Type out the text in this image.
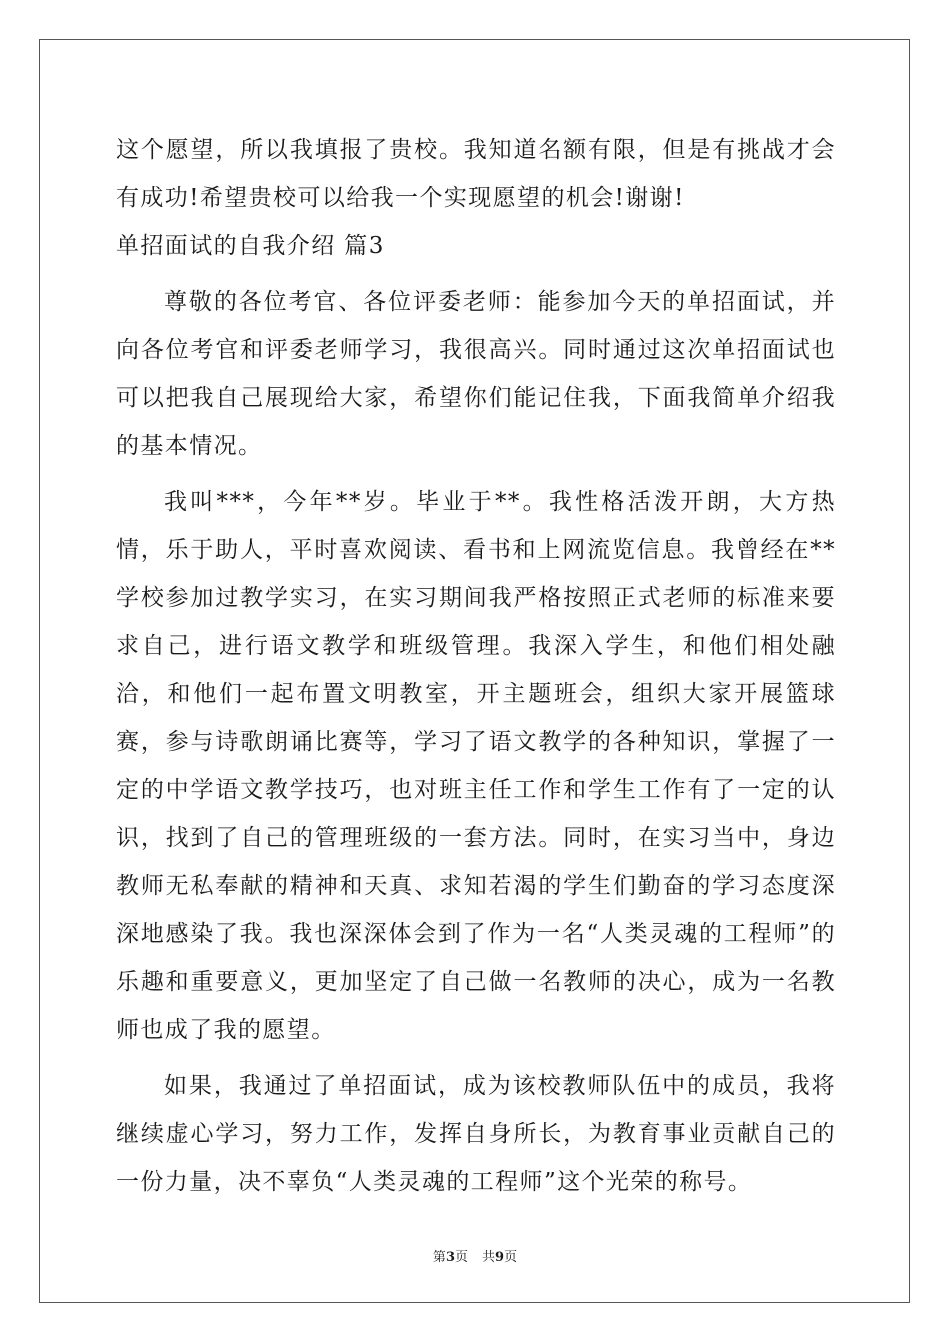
这个愿望，所以我填报了贵校。我知道名额有限，但是有挑战才会有成功!希望贵校可以给我一个实现愿望的机会!谢谢!

单招面试的自我介绍 篇3

尊敬的各位考官、各位评委老师：能参加今天的单招面试，并向各位考官和评委老师学习，我很高兴。同时通过这次单招面试也可以把我自己展现给大家，希望你们能记住我，下面我简单介绍我的基本情况。

我叫***，今年**岁。毕业于**。我性格活泼开朗，大方热情，乐于助人，平时喜欢阅读、看书和上网流览信息。我曾经在**学校参加过教学实习，在实习期间我严格按照正式老师的标准来要求自己，进行语文教学和班级管理。我深入学生，和他们相处融洽，和他们一起布置文明教室，开主题班会，组织大家开展篮球赛，参与诗歌朗诵比赛等，学习了语文教学的各种知识，掌握了一定的中学语文教学技巧，也对班主任工作和学生工作有了一定的认识，找到了自己的管理班级的一套方法。同时，在实习当中，身边教师无私奉献的精神和天真、求知若渴的学生们勤奋的学习态度深深地感染了我。我也深深体会到了作为一名“人类灵魂的工程师”的乐趣和重要意义，更加坚定了自己做一名教师的决心，成为一名教师也成了我的愿望。

如果，我通过了单招面试，成为该校教师队伍中的成员，我将继续虚心学习，努力工作，发挥自身所长，为教育事业贡献自己的一份力量，决不辜负“人类灵魂的工程师”这个光荣的称号。

第3页 共9页
